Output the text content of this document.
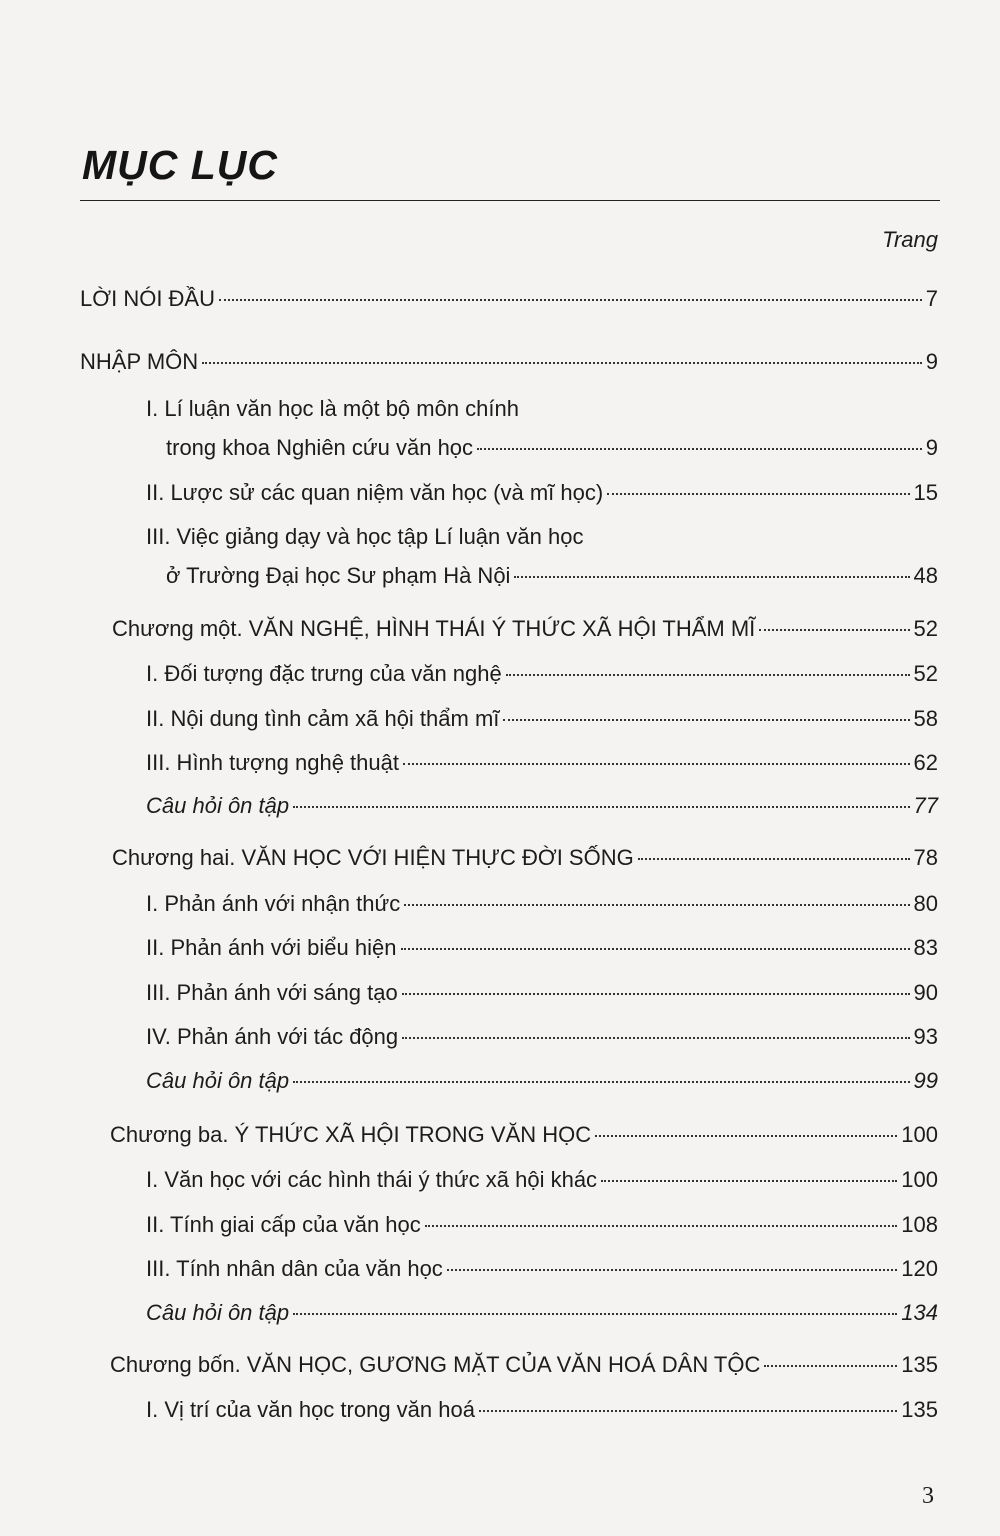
MỤC LỤC
Trang
LỜI NÓI ĐẦU	7
NHẬP MÔN	9
I. Lí luận văn học là một bộ môn chính
trong khoa Nghiên cứu văn học	9
II. Lược sử các quan niệm văn học (và mĩ học)	15
III. Việc giảng dạy và học tập Lí luận văn học
ở Trường Đại học Sư phạm Hà Nội	48
Chương một. VĂN NGHỆ, HÌNH THÁI Ý THỨC XÃ HỘI THẨM MĨ	52
I. Đối tượng đặc trưng của văn nghệ	52
II. Nội dung tình cảm xã hội thẩm mĩ	58
III. Hình tượng nghệ thuật	62
Câu hỏi ôn tập	77
Chương hai. VĂN HỌC VỚI HIỆN THỰC ĐỜI SỐNG	78
I. Phản ánh với nhận thức	80
II. Phản ánh với biểu hiện	83
III. Phản ánh với sáng tạo	90
IV. Phản ánh với tác động	93
Câu hỏi ôn tập	99
Chương ba. Ý THỨC XÃ HỘI TRONG VĂN HỌC	100
I. Văn học với các hình thái ý thức xã hội khác	100
II. Tính giai cấp của văn học	108
III. Tính nhân dân của văn học	120
Câu hỏi ôn tập	134
Chương bốn. VĂN HỌC, GƯƠNG MẶT CỦA VĂN HOÁ DÂN TỘC	135
I. Vị trí của văn học trong văn hoá	135
3
